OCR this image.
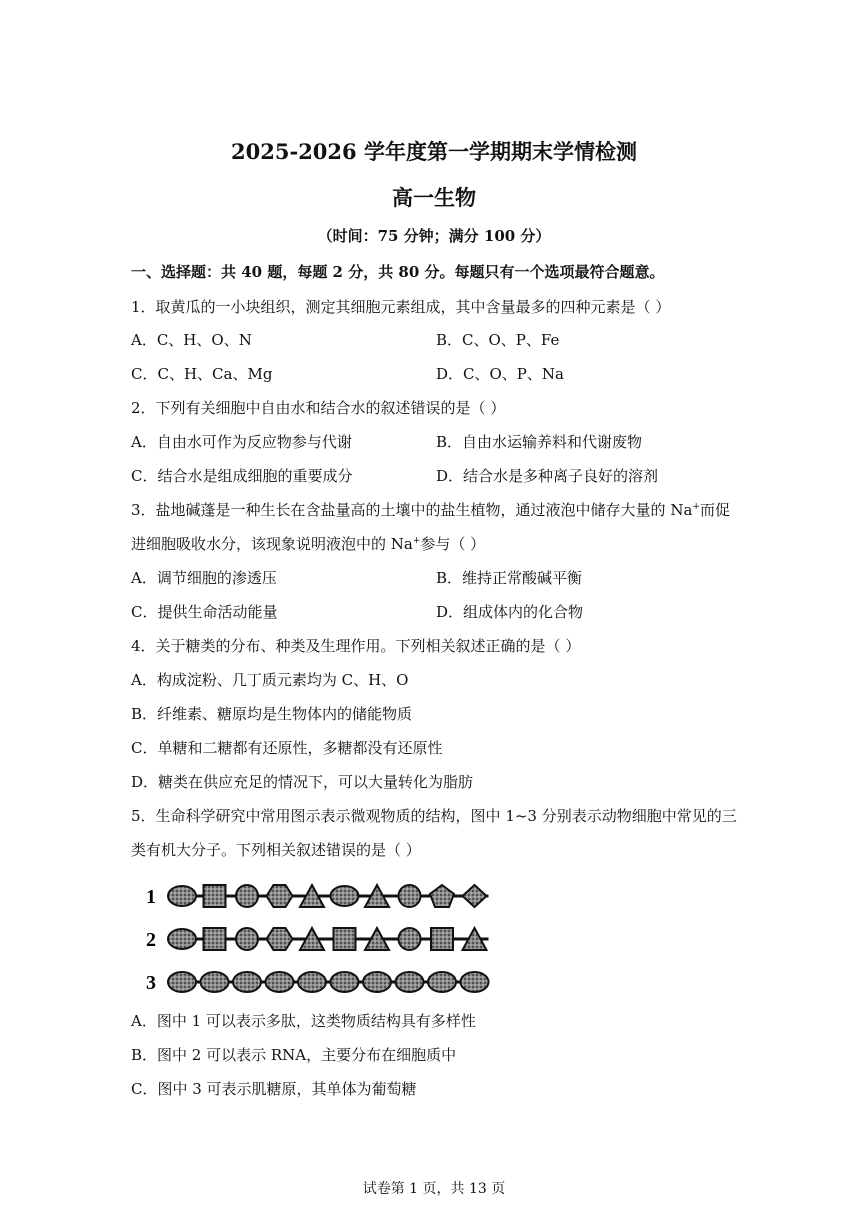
2025-2026 学年度第一学期期末学情检测
高一生物
（时间：75 分钟；满分 100 分）
一、选择题：共 40 题，每题 2 分，共 80 分。每题只有一个选项最符合题意。
1．取黄瓜的一小块组织，测定其细胞元素组成，其中含量最多的四种元素是（ ）
A．C、H、O、N	B．C、O、P、Fe
C．C、H、Ca、Mg	D．C、O、P、Na
2．下列有关细胞中自由水和结合水的叙述错误的是（ ）
A．自由水可作为反应物参与代谢	B．自由水运输养料和代谢废物
C．结合水是组成细胞的重要成分	D．结合水是多种离子良好的溶剂
3．盐地碱蓬是一种生长在含盐量高的土壤中的盐生植物，通过液泡中储存大量的 Na+而促
进细胞吸收水分，该现象说明液泡中的 Na+参与（ ）
A．调节细胞的渗透压	B．维持正常酸碱平衡
C．提供生命活动能量	D．组成体内的化合物
4．关于糖类的分布、种类及生理作用。下列相关叙述正确的是（ ）
A．构成淀粉、几丁质元素均为 C、H、O
B．纤维素、糖原均是生物体内的储能物质
C．单糖和二糖都有还原性，多糖都没有还原性
D．糖类在供应充足的情况下，可以大量转化为脂肪
5．生命科学研究中常用图示表示微观物质的结构，图中 1~3 分别表示动物细胞中常见的三
类有机大分子。下列相关叙述错误的是（ ）
1
2
3
A．图中 1 可以表示多肽，这类物质结构具有多样性
B．图中 2 可以表示 RNA，主要分布在细胞质中
C．图中 3 可表示肌糖原，其单体为葡萄糖
试卷第 1 页，共 13 页
